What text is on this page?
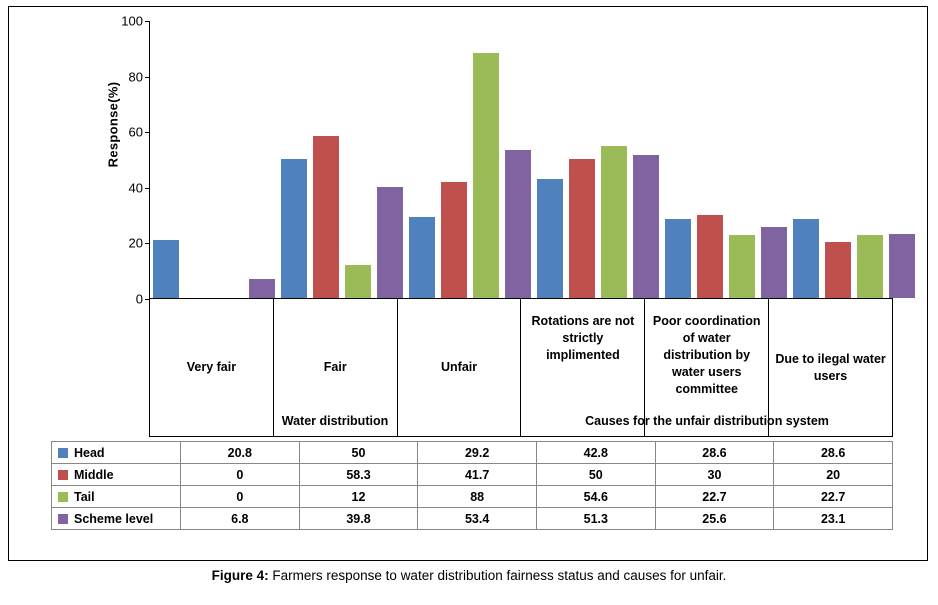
Response(%)
0
20
40
60
80
100
Very fair	Fair	Unfair
Rotations are not strictly implimented
Poor coordination of water distribution by water users committee
Due to ilegal water users
Water distribution	Causes for the unfair distribution system
Head	20.8	50	29.2	42.8	28.6	28.6
Middle	0	58.3	41.7	50	30	20
Tail	0	12	88	54.6	22.7	22.7
Scheme level	6.8	39.8	53.4	51.3	25.6	23.1
Figure 4: Farmers response to water distribution fairness status and causes for unfair.
